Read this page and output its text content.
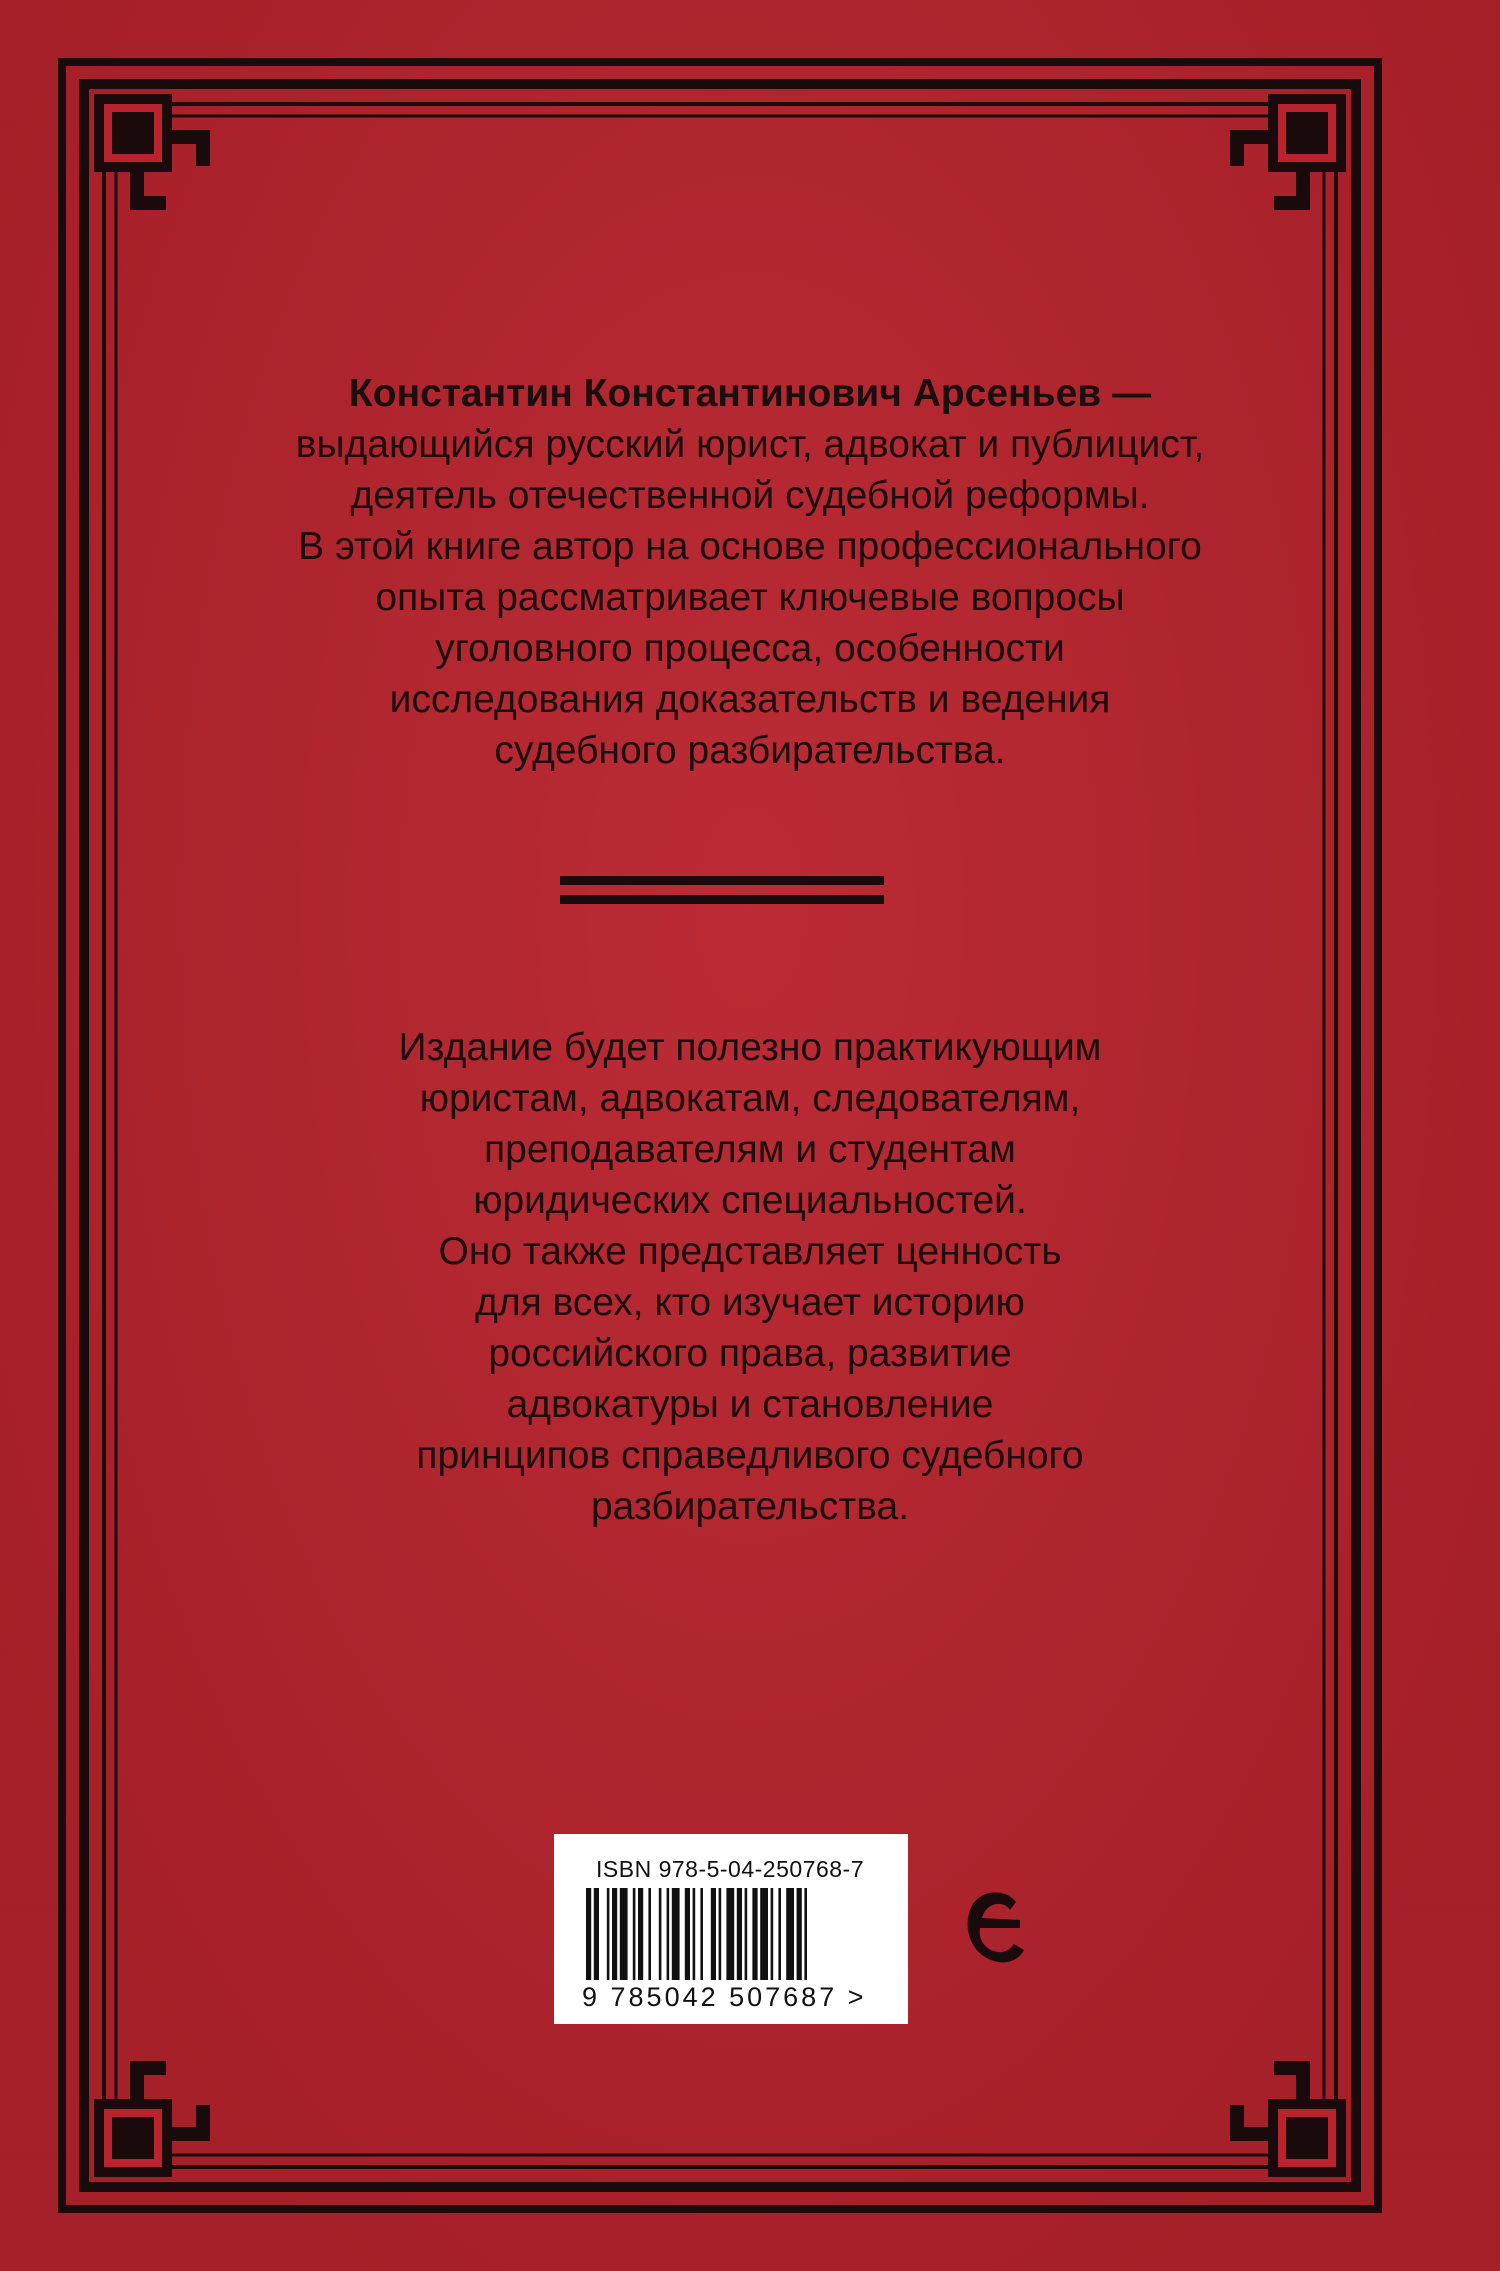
Константин Константинович Арсеньев —

выдающийся русский юрист, адвокат и публицист,

деятель отечественной судебной реформы.

В этой книге автор на основе профессионального

опыта рассматривает ключевые вопросы

уголовного процесса, особенности

исследования доказательств и ведения

судебного разбирательства.

Издание будет полезно практикующим

юристам, адвокатам, следователям,

преподавателям и студентам

юридических специальностей.

Оно также представляет ценность

для всех, кто изучает историю

российского права, развитие

адвокатуры и становление

принципов справедливого судебного

разбирательства.

ISBN 978-5-04-250768-7
9 785042 507687 >
